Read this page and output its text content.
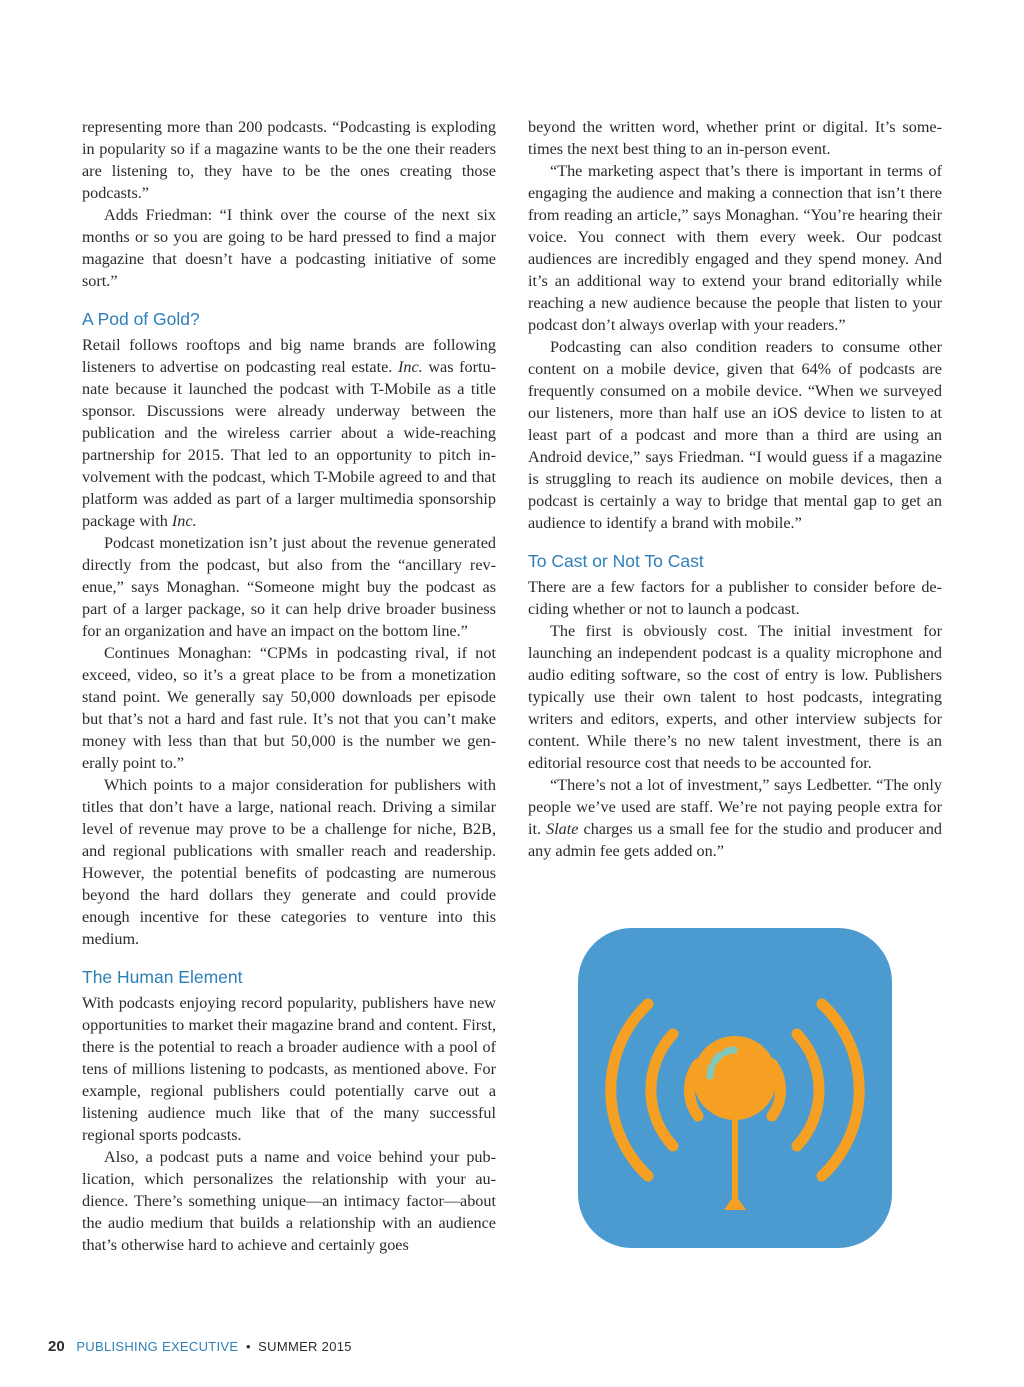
representing more than 200 podcasts. “Podcasting is exploding in popularity so if a magazine wants to be the one their readers are listening to, they have to be the ones creating those podcasts.”

Adds Friedman: “I think over the course of the next six months or so you are going to be hard pressed to find a major magazine that doesn’t have a podcasting initiative of some sort.”

A Pod of Gold?

Retail follows rooftops and big name brands are following listeners to advertise on podcasting real estate. Inc. was fortunate because it launched the podcast with T-Mobile as a title sponsor. Discussions were already underway between the publication and the wireless carrier about a wide-reaching partnership for 2015. That led to an opportunity to pitch involvement with the podcast, which T-Mobile agreed to and that platform was added as part of a larger multimedia sponsorship package with Inc.

Podcast monetization isn’t just about the revenue generated directly from the podcast, but also from the “ancillary revenue,” says Monaghan. “Someone might buy the podcast as part of a larger package, so it can help drive broader business for an organization and have an impact on the bottom line.”

Continues Monaghan: “CPMs in podcasting rival, if not exceed, video, so it’s a great place to be from a monetization stand point. We generally say 50,000 downloads per episode but that’s not a hard and fast rule. It’s not that you can’t make money with less than that but 50,000 is the number we generally point to.”

Which points to a major consideration for publishers with titles that don’t have a large, national reach. Driving a similar level of revenue may prove to be a challenge for niche, B2B, and regional publications with smaller reach and readership. However, the potential benefits of podcasting are numerous beyond the hard dollars they generate and could provide enough incentive for these categories to venture into this medium.

The Human Element

With podcasts enjoying record popularity, publishers have new opportunities to market their magazine brand and content. First, there is the potential to reach a broader audience with a pool of tens of millions listening to podcasts, as mentioned above. For example, regional publishers could potentially carve out a listening audience much like that of the many successful regional sports podcasts.

Also, a podcast puts a name and voice behind your publication, which personalizes the relationship with your audience. There’s something unique—an intimacy factor—about the audio medium that builds a relationship with an audience that’s otherwise hard to achieve and certainly goes

beyond the written word, whether print or digital. It’s sometimes the next best thing to an in-person event.

“The marketing aspect that’s there is important in terms of engaging the audience and making a connection that isn’t there from reading an article,” says Monaghan. “You’re hearing their voice. You connect with them every week. Our podcast audiences are incredibly engaged and they spend money. And it’s an additional way to extend your brand editorially while reaching a new audience because the people that listen to your podcast don’t always overlap with your readers.”

Podcasting can also condition readers to consume other content on a mobile device, given that 64% of podcasts are frequently consumed on a mobile device. “When we surveyed our listeners, more than half use an iOS device to listen to at least part of a podcast and more than a third are using an Android device,” says Friedman. “I would guess if a magazine is struggling to reach its audience on mobile devices, then a podcast is certainly a way to bridge that mental gap to get an audience to identify a brand with mobile.”

To Cast or Not To Cast

There are a few factors for a publisher to consider before deciding whether or not to launch a podcast.

The first is obviously cost. The initial investment for launching an independent podcast is a quality microphone and audio editing software, so the cost of entry is low. Publishers typically use their own talent to host podcasts, integrating writers and editors, experts, and other interview subjects for content. While there’s no new talent investment, there is an editorial resource cost that needs to be accounted for.

“There’s not a lot of investment,” says Ledbetter. “The only people we’ve used are staff. We’re not paying people extra for it. Slate charges us a small fee for the studio and producer and any admin fee gets added on.”

20 PUBLISHING EXECUTIVE • SUMMER 2015
